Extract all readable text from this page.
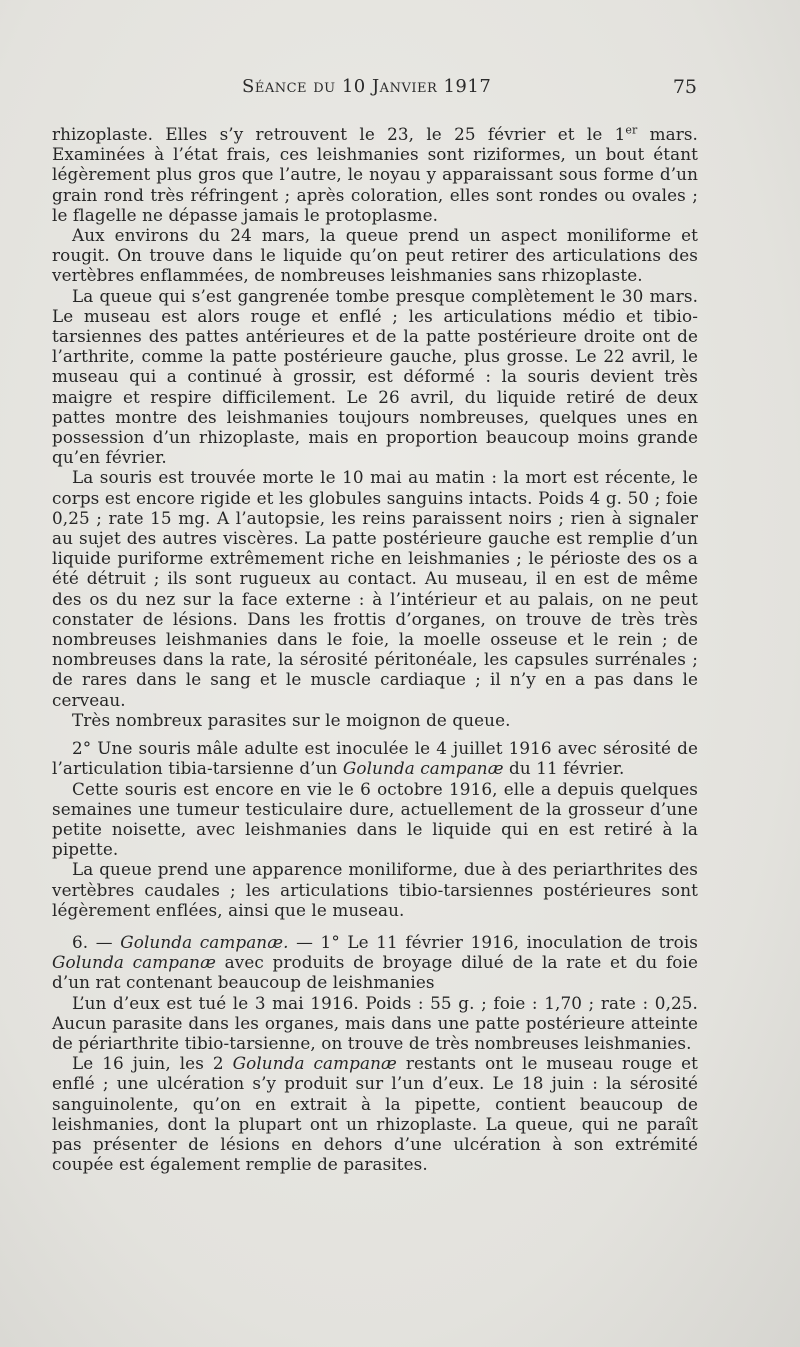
Séance du 10 Janvier 1917	75

rhizoplaste. Elles s’y retrouvent le 23, le 25 février et le 1er mars. Examinées à l’état frais, ces leishmanies sont riziformes, un bout étant légèrement plus gros que l’autre, le noyau y apparaissant sous forme d’un grain rond très réfringent ; après coloration, elles sont rondes ou ovales ; le flagelle ne dépasse jamais le protoplasme.

Aux environs du 24 mars, la queue prend un aspect moniliforme et rougit. On trouve dans le liquide qu’on peut retirer des articulations des vertèbres enflammées, de nombreuses leishmanies sans rhizoplaste.

La queue qui s’est gangrenée tombe presque complètement le 30 mars. Le museau est alors rouge et enflé ; les articulations médio et tibio-tarsiennes des pattes antérieures et de la patte postérieure droite ont de l’arthrite, comme la patte postérieure gauche, plus grosse. Le 22 avril, le museau qui a continué à grossir, est déformé : la souris devient très maigre et respire difficilement. Le 26 avril, du liquide retiré de deux pattes montre des leishmanies toujours nombreuses, quelques unes en possession d’un rhizoplaste, mais en proportion beaucoup moins grande qu’en février.

La souris est trouvée morte le 10 mai au matin : la mort est récente, le corps est encore rigide et les globules sanguins intacts. Poids 4 g. 50 ; foie 0,25 ; rate 15 mg. A l’autopsie, les reins paraissent noirs ; rien à signaler au sujet des autres viscères. La patte postérieure gauche est remplie d’un liquide puriforme extrêmement riche en leishmanies ; le périoste des os a été détruit ; ils sont rugueux au contact. Au museau, il en est de même des os du nez sur la face externe : à l’intérieur et au palais, on ne peut constater de lésions. Dans les frottis d’organes, on trouve de très très nombreuses leishmanies dans le foie, la moelle osseuse et le rein ; de nombreuses dans la rate, la sérosité péritonéale, les capsules surrénales ; de rares dans le sang et le muscle cardiaque ; il n’y en a pas dans le cerveau.

Très nombreux parasites sur le moignon de queue.

2° Une souris mâle adulte est inoculée le 4 juillet 1916 avec sérosité de l’articulation tibia-tarsienne d’un Golunda campanæ du 11 février.

Cette souris est encore en vie le 6 octobre 1916, elle a depuis quelques semaines une tumeur testiculaire dure, actuellement de la grosseur d’une petite noisette, avec leishmanies dans le liquide qui en est retiré à la pipette.

La queue prend une apparence moniliforme, due à des periarthrites des vertèbres caudales ; les articulations tibio-tarsiennes postérieures sont légèrement enflées, ainsi que le museau.

6. — Golunda campanæ. — 1° Le 11 février 1916, inoculation de trois Golunda campanæ avec produits de broyage dilué de la rate et du foie d’un rat contenant beaucoup de leishmanies

L’un d’eux est tué le 3 mai 1916. Poids : 55 g. ; foie : 1,70 ; rate : 0,25. Aucun parasite dans les organes, mais dans une patte postérieure atteinte de périarthrite tibio-tarsienne, on trouve de très nombreuses leishmanies.

Le 16 juin, les 2 Golunda campanæ restants ont le museau rouge et enflé ; une ulcération s’y produit sur l’un d’eux. Le 18 juin : la sérosité sanguinolente, qu’on en extrait à la pipette, contient beaucoup de leishmanies, dont la plupart ont un rhizoplaste. La queue, qui ne paraît pas présenter de lésions en dehors d’une ulcération à son extrémité coupée est également remplie de parasites.
